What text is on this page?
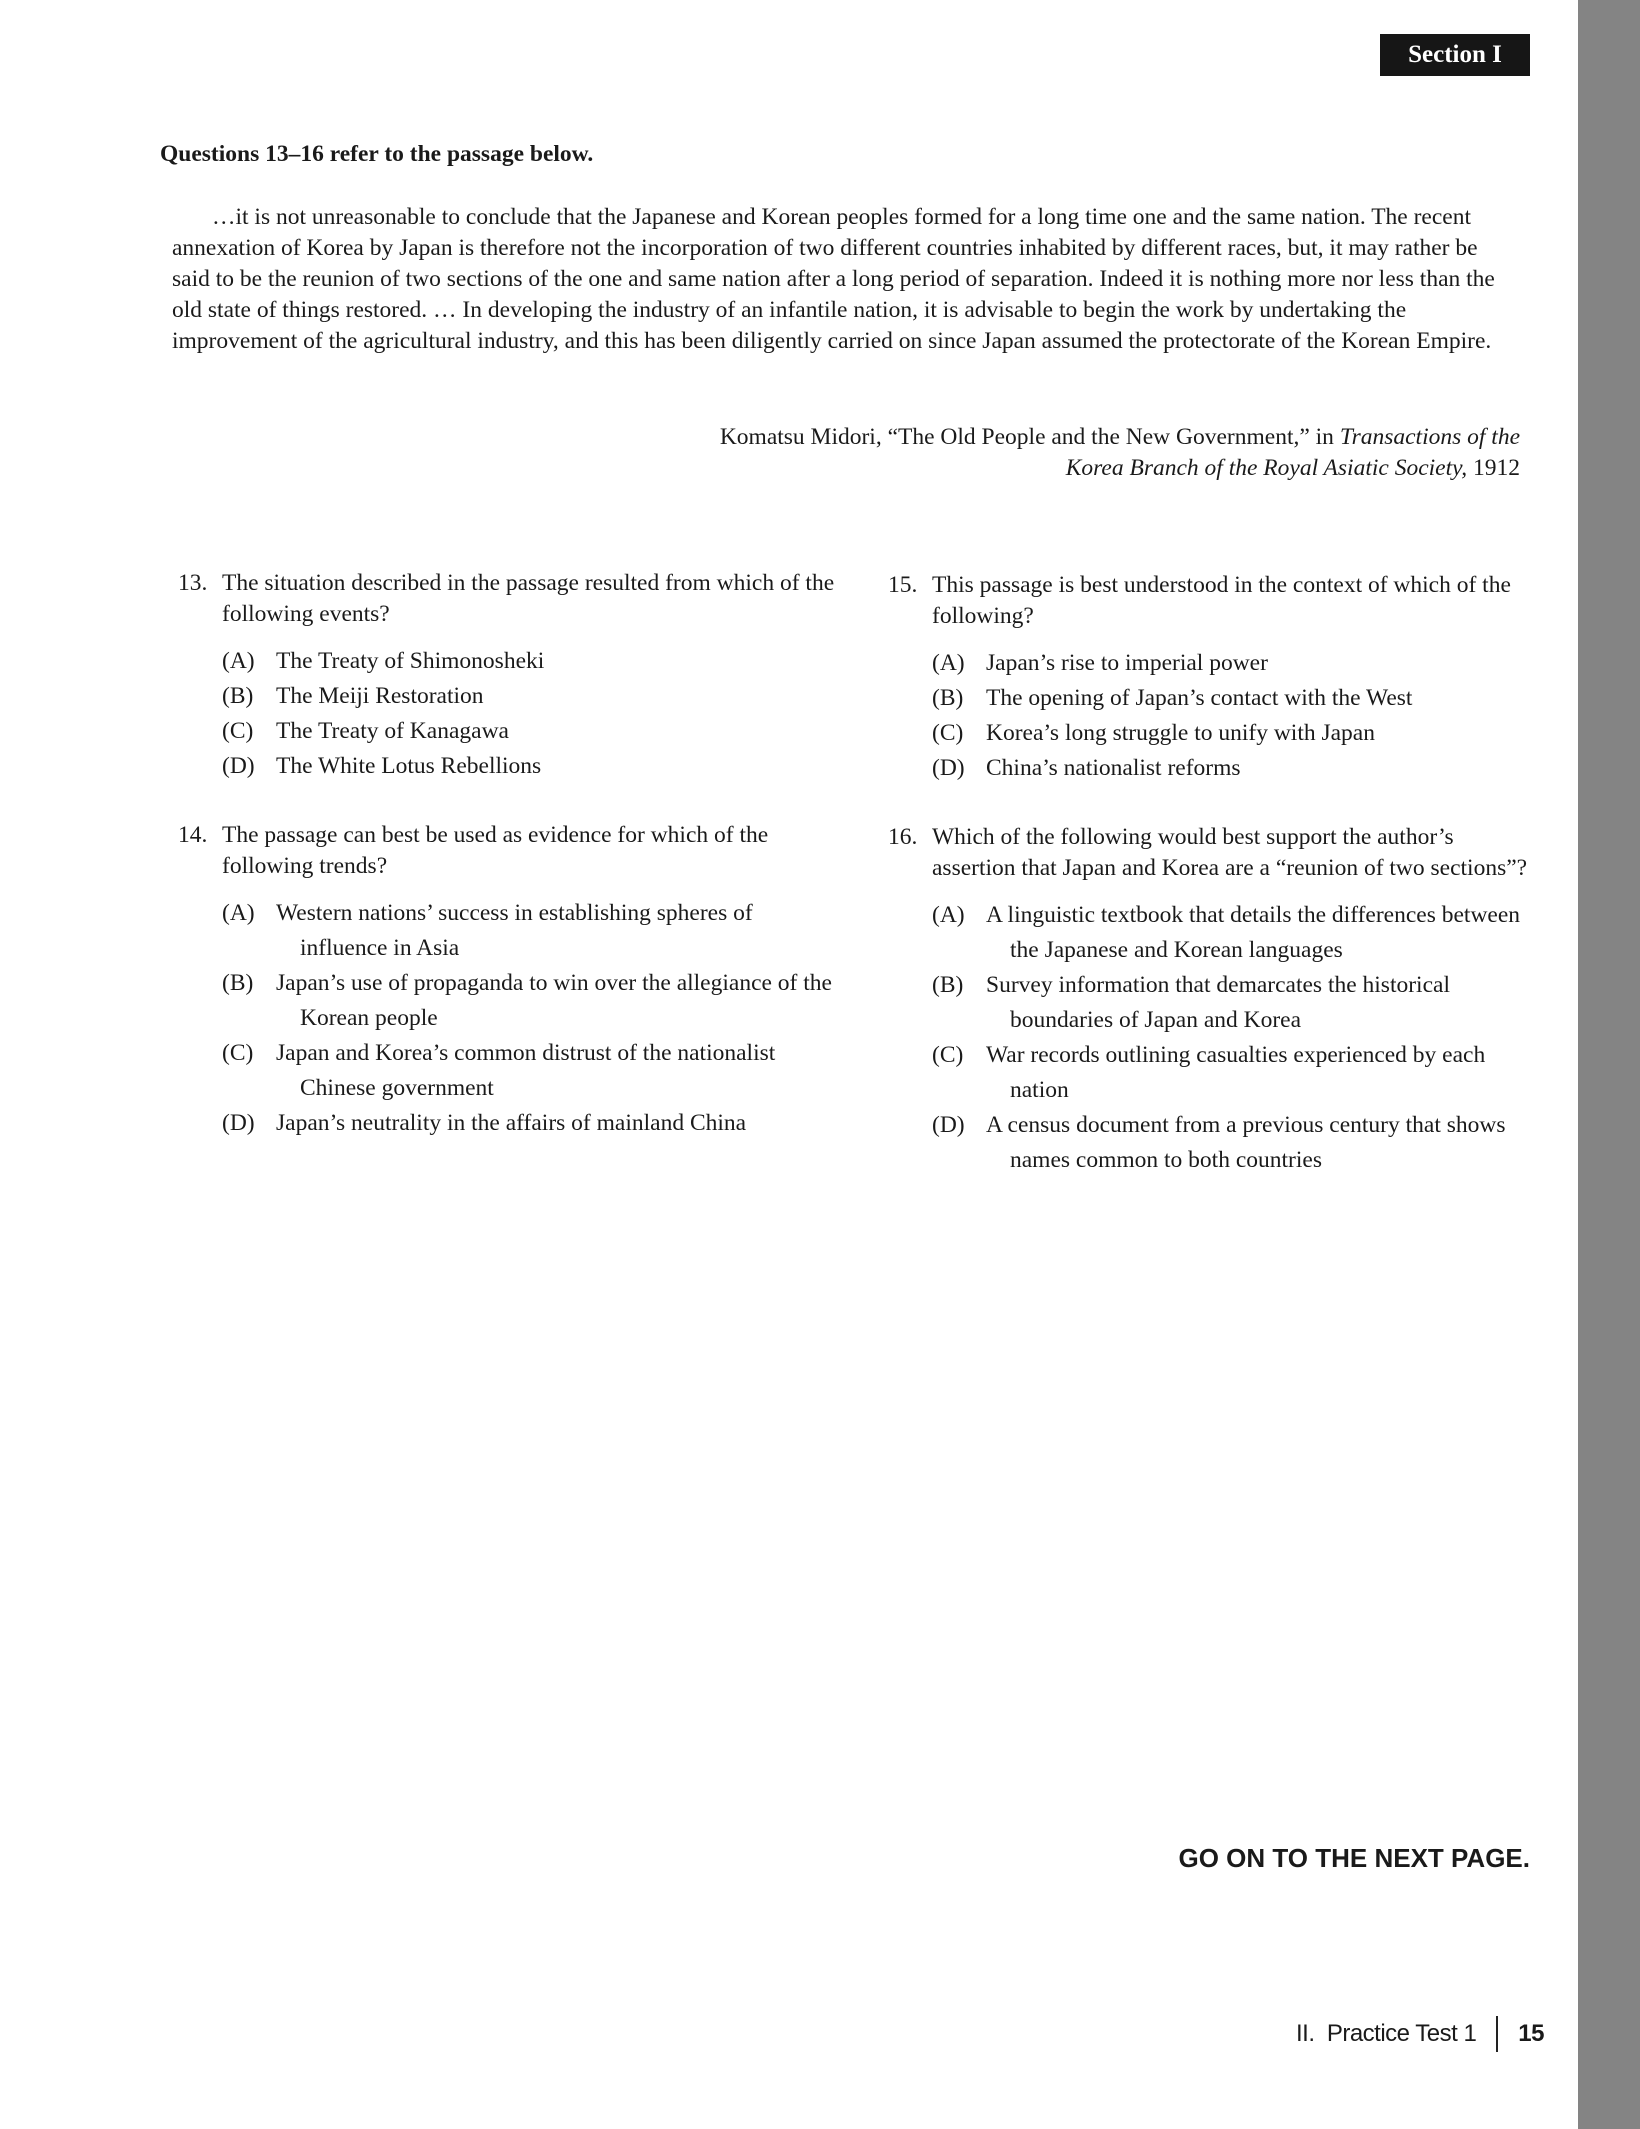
Section I
Questions 13–16 refer to the passage below.

…it is not unreasonable to conclude that the Japanese and Korean peoples formed for a long time one and the same nation. The recent annexation of Korea by Japan is therefore not the incorporation of two different countries inhabited by different races, but, it may rather be said to be the reunion of two sections of the one and same nation after a long period of separation. Indeed it is nothing more nor less than the old state of things restored. … In developing the industry of an infantile nation, it is advisable to begin the work by undertaking the improvement of the agricultural industry, and this has been diligently carried on since Japan assumed the protectorate of the Korean Empire.

Komatsu Midori, “The Old People and the New Government,” in Transactions of the
Korea Branch of the Royal Asiatic Society, 1912
13. The situation described in the passage resulted from which of the following events?
(A) The Treaty of Shimonosheki
(B) The Meiji Restoration
(C) The Treaty of Kanagawa
(D) The White Lotus Rebellions
14. The passage can best be used as evidence for which of the following trends?
(A) Western nations’ success in establishing spheres of influence in Asia
(B) Japan’s use of propaganda to win over the allegiance of the Korean people
(C) Japan and Korea’s common distrust of the nationalist Chinese government
(D) Japan’s neutrality in the affairs of mainland China
15. This passage is best understood in the context of which of the following?
(A) Japan’s rise to imperial power
(B) The opening of Japan’s contact with the West
(C) Korea’s long struggle to unify with Japan
(D) China’s nationalist reforms
16. Which of the following would best support the author’s assertion that Japan and Korea are a “reunion of two sections”?
(A) A linguistic textbook that details the differences between the Japanese and Korean languages
(B) Survey information that demarcates the historical boundaries of Japan and Korea
(C) War records outlining casualties experienced by each nation
(D) A census document from a previous century that shows names common to both countries
GO ON TO THE NEXT PAGE.
II.  Practice Test 1 15
